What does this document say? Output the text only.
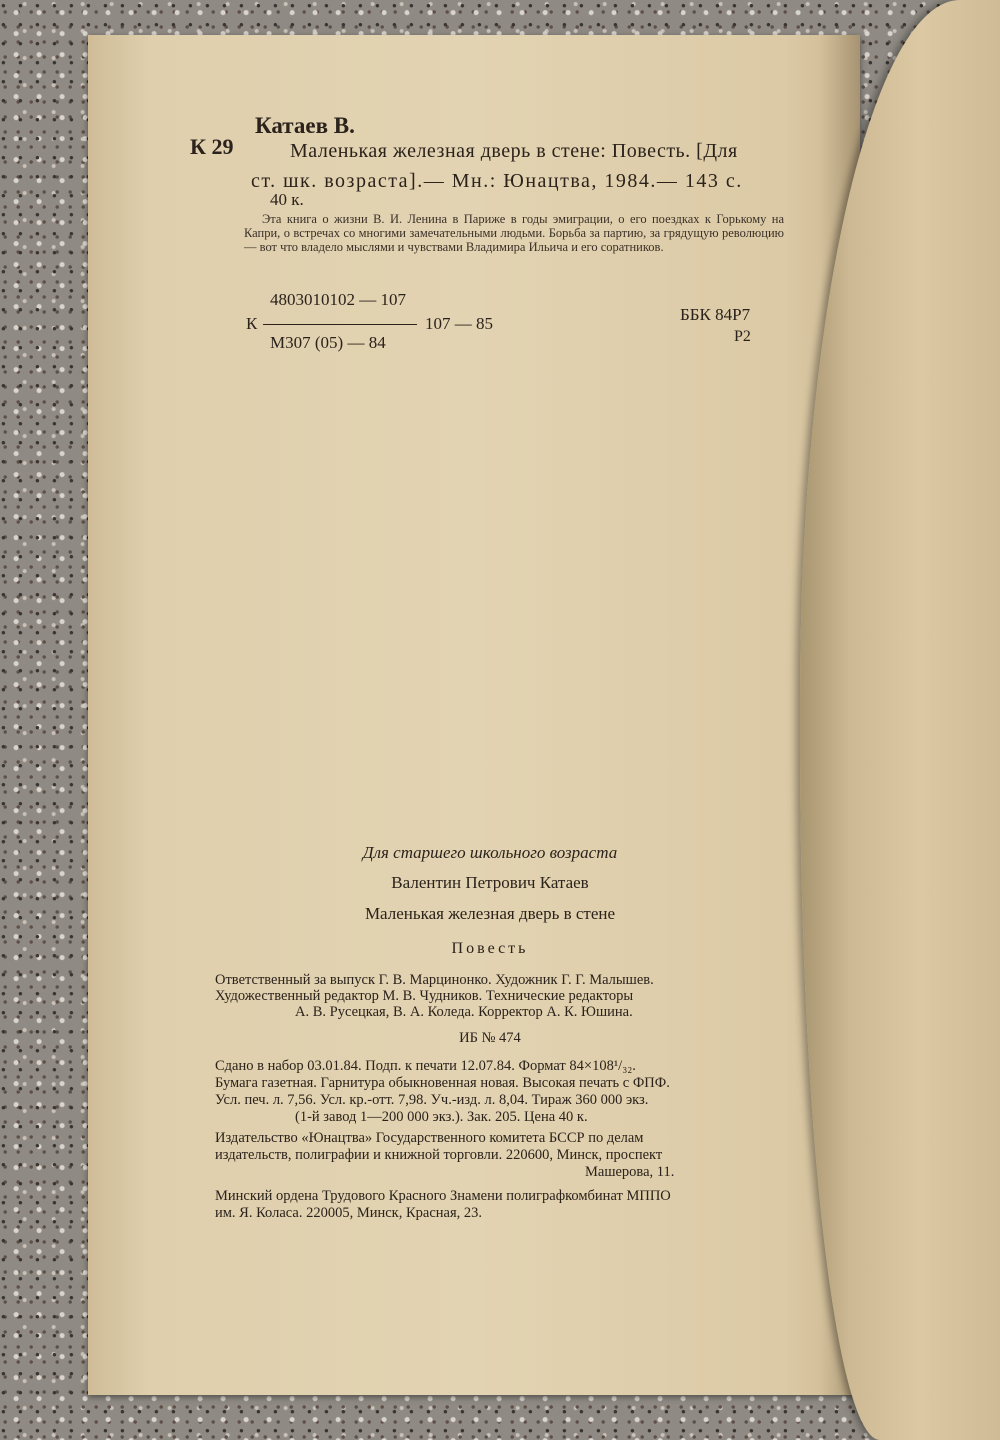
Катаев В.
К 29	Маленькая железная дверь в стене: Повесть. [Для
ст. шк. возраста].— Мн.: Юнацтва, 1984.— 143 с.
40 к.

Эта книга о жизни В. И. Ленина в Париже в годы эмиграции, о его поездках к Горькому на Капри, о встречах со многими замечательными людьми. Борьба за партию, за грядущую революцию — вот что владело мыслями и чувствами Владимира Ильича и его соратников.

4803010102 — 107
К	107 — 85
М307 (05) — 84
ББК 84Р7
Р2
Для старшего школьного возраста
Валентин Петрович Катаев
Маленькая железная дверь в стене
Повесть
Ответственный за выпуск Г. В. Марцинонко. Художник Г. Г. Малышев.
Художественный редактор М. В. Чудников. Технические редакторы
А. В. Русецкая, В. А. Коледа. Корректор А. К. Юшина.
ИБ № 474
Сдано в набор 03.01.84. Подп. к печати 12.07.84. Формат 84×108¹/₃₂.
Бумага газетная. Гарнитура обыкновенная новая. Высокая печать с ФПФ.
Усл. печ. л. 7,56. Усл. кр.-отт. 7,98. Уч.-изд. л. 8,04. Тираж 360 000 экз.
(1-й завод 1—200 000 экз.). Зак. 205. Цена 40 к.
Издательство «Юнацтва» Государственного комитета БССР по делам
издательств, полиграфии и книжной торговли. 220600, Минск, проспект
Машерова, 11.
Минский ордена Трудового Красного Знамени полиграфкомбинат МППО
им. Я. Коласа. 220005, Минск, Красная, 23.
